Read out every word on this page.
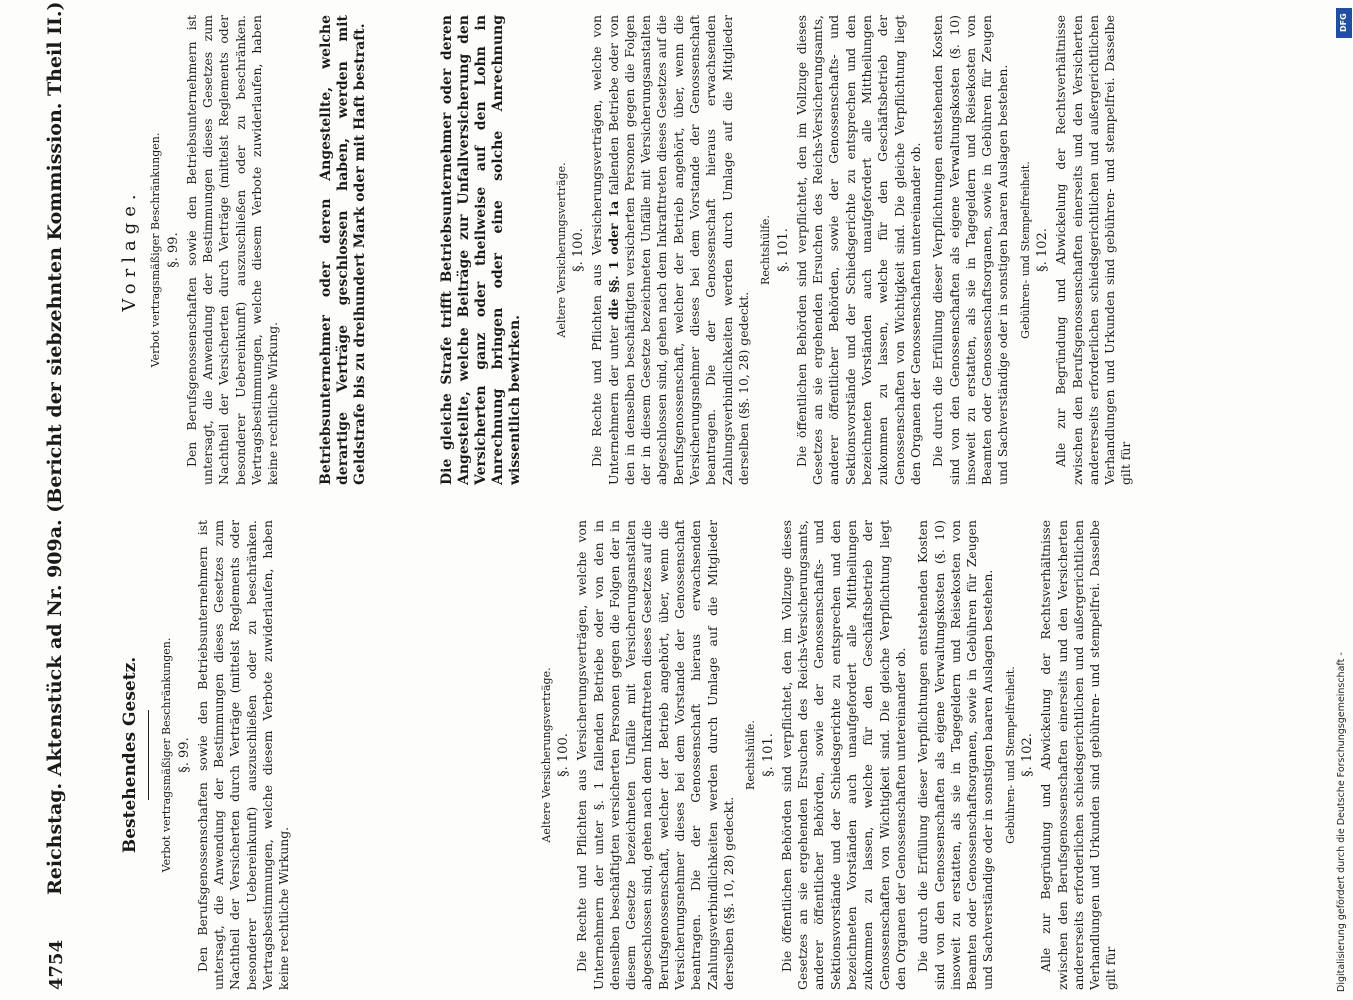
4754
Reichstag. Aktenstück ad Nr. 909a. (Bericht der siebzehnten Kommission. Theil II.)	Bestehendes Gesetz. Verbot vertragsmäßiger Beschränkungen. §. 99. Den Berufsgenossenschaften sowie den Betriebsunternehmern ist untersagt, die Anwendung der Bestimmungen dieses Gesetzes zum Nachtheil der Versicherten durch Verträge (mittelst Reglements oder besonderer Uebereinkunft) auszuschließen oder zu beschränken. Vertragsbestimmungen, welche diesem Verbote zuwiderlaufen, haben keine rechtliche Wirkung.

Aeltere Versicherungsverträge. §. 100. Die Rechte und Pflichten aus Versicherungsverträgen, welche von Unternehmern der unter §. 1 fallenden Betriebe oder von den in denselben beschäftigten versicherten Personen gegen die Folgen der in diesem Gesetze bezeichneten Unfälle mit Versicherungsanstalten abgeschlossen sind, gehen nach dem Inkrafttreten dieses Gesetzes auf die Berufsgenossenschaft, welcher der Betrieb angehört, über, wenn die Versicherungsnehmer dieses bei dem Vorstande der Genossenschaft beantragen. Die der Genossenschaft hieraus erwachsenden Zahlungsverbindlichkeiten werden durch Umlage auf die Mitglieder derselben (§§. 10, 28) gedeckt.

Rechtshülfe. §. 101. Die öffentlichen Behörden sind verpflichtet, den im Vollzuge dieses Gesetzes an sie ergehenden Ersuchen des Reichs-Versicherungsamts, anderer öffentlicher Behörden, sowie der Genossenschafts- und Sektionsvorstände und der Schiedsgerichte zu entsprechen und den bezeichneten Vorständen auch unaufgefordert alle Mittheilungen zukommen zu lassen, welche für den Geschäftsbetrieb der Genossenschaften von Wichtigkeit sind. Die gleiche Verpflichtung liegt den Organen der Genossenschaften untereinander ob. Die durch die Erfüllung dieser Verpflichtungen entstehenden Kosten sind von den Genossenschaften als eigene Verwaltungskosten (§. 10) insoweit zu erstatten, als sie in Tagegeldern und Reisekosten von Beamten oder Genossenschaftsorganen, sowie in Gebühren für Zeugen und Sachverständige oder in sonstigen baaren Auslagen bestehen. Gebühren- und Stempelfreiheit. §. 102. Alle zur Begründung und Abwickelung der Rechtsverhältnisse zwischen den Berufsgenossenschaften einerseits und den Versicherten andererseits erforderlichen schiedsgerichtlichen und außergerichtlichen Verhandlungen und Urkunden sind gebühren- und stempelfrei. Dasselbe gilt für

Vorlage. Verbot vertragsmäßiger Beschränkungen. §. 99. Den Berufsgenossenschaften sowie den Betriebsunternehmern ist untersagt, die Anwendung der Bestimmungen dieses Gesetzes zum Nachtheil der Versicherten durch Verträge (mittelst Reglements oder besonderer Uebereinkunft) auszuschließen oder zu beschränken. Vertragsbestimmungen, welche diesem Verbote zuwiderlaufen, haben keine rechtliche Wirkung.	Betriebsunternehmer oder deren Angestellte, welche derartige Verträge geschlossen haben, werden mit Geldstrafe bis zu dreihundert Mark oder mit Haft bestraft.	Die gleiche Strafe trifft Betriebsunternehmer oder deren Angestellte, welche Beiträge zur Unfallversicherung den Versicherten ganz oder theilweise auf den Lohn in Anrechnung bringen oder eine solche Anrechnung wissentlich bewirken.

Aeltere Versicherungsverträge. §. 100. Die Rechte und Pflichten aus Versicherungsverträgen, welche von Unternehmern der unter die §§. 1 oder 1a fallenden Betriebe oder von den in denselben beschäftigten versicherten Personen gegen die Folgen der in diesem Gesetze bezeichneten Unfälle mit Versicherungsanstalten abgeschlossen sind, gehen nach dem Inkrafttreten dieses Gesetzes auf die Berufsgenossenschaft, welcher der Betrieb angehört, über, wenn die Versicherungsnehmer dieses bei dem Vorstande der Genossenschaft beantragen. Die der Genossenschaft hieraus erwachsenden Zahlungsverbindlichkeiten werden durch Umlage auf die Mitglieder derselben (§§. 10, 28) gedeckt.

Rechtshülfe. §. 101. Die öffentlichen Behörden sind verpflichtet, den im Vollzuge dieses Gesetzes an sie ergehenden Ersuchen des Reichs-Versicherungsamts, anderer öffentlicher Behörden, sowie der Genossenschafts- und Sektionsvorstände und der Schiedsgerichte zu entsprechen und den bezeichneten Vorständen auch unaufgefordert alle Mittheilungen zukommen zu lassen, welche für den Geschäftsbetrieb der Genossenschaften von Wichtigkeit sind. Die gleiche Verpflichtung liegt den Organen der Genossenschaften untereinander ob. Die durch die Erfüllung dieser Verpflichtungen entstehenden Kosten sind von den Genossenschaften als eigene Verwaltungskosten (§. 10) insoweit zu erstatten, als sie in Tagegeldern und Reisekosten von Beamten oder Genossenschaftsorganen, sowie in Gebühren für Zeugen und Sachverständige oder in sonstigen baaren Auslagen bestehen. Gebühren- und Stempelfreiheit. §. 102. Alle zur Begründung und Abwickelung der Rechtsverhältnisse zwischen den Berufsgenossenschaften einerseits und den Versicherten andererseits erforderlichen schiedsgerichtlichen und außergerichtlichen Verhandlungen und Urkunden sind gebühren- und stempelfrei. Dasselbe gilt für

DFG
Digitalisierung gefördert durch die Deutsche Forschungsgemeinschaft -
